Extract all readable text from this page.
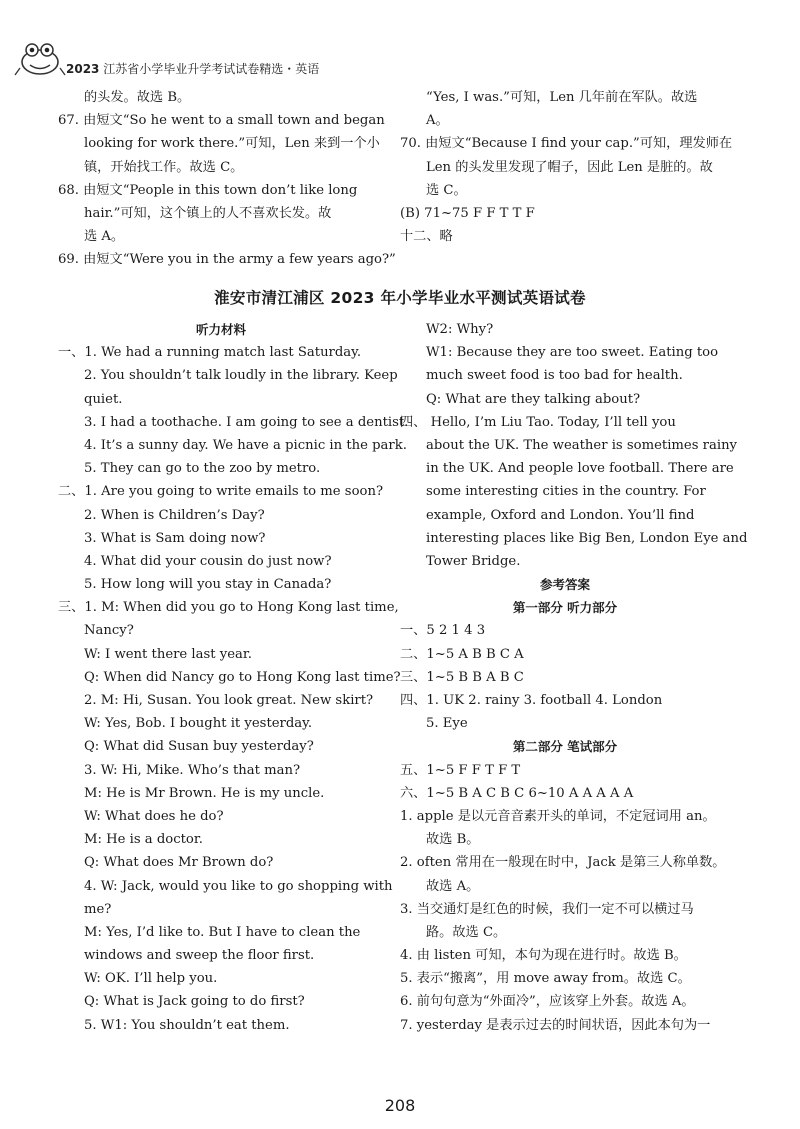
2023 江苏省小学毕业升学考试试卷精选・英语
的头发。故选 B。
67. 由短文“So he went to a small town and began
looking for work there.”可知，Len 来到一个小
镇，开始找工作。故选 C。
68. 由短文“People in this town don’t like long
hair.”可知，这个镇上的人不喜欢长发。故
选 A。
69. 由短文“Were you in the army a few years ago?”
“Yes, I was.”可知，Len 几年前在军队。故选
A。
70. 由短文“Because I find your cap.”可知，理发师在
Len 的头发里发现了帽子，因此 Len 是脏的。故
选 C。
(B) 71~75 F F T T F
十二、略
淮安市清江浦区 2023 年小学毕业水平测试英语试卷
听力材料
一、1. We had a running match last Saturday.
2. You shouldn’t talk loudly in the library. Keep
quiet.
3. I had a toothache. I am going to see a dentist.
4. It’s a sunny day. We have a picnic in the park.
5. They can go to the zoo by metro.
二、1. Are you going to write emails to me soon?
2. When is Children’s Day?
3. What is Sam doing now?
4. What did your cousin do just now?
5. How long will you stay in Canada?
三、1. M: When did you go to Hong Kong last time,
Nancy?
W: I went there last year.
Q: When did Nancy go to Hong Kong last time?
2. M: Hi, Susan. You look great. New skirt?
W: Yes, Bob. I bought it yesterday.
Q: What did Susan buy yesterday?
3. W: Hi, Mike. Who’s that man?
M: He is Mr Brown. He is my uncle.
W: What does he do?
M: He is a doctor.
Q: What does Mr Brown do?
4. W: Jack, would you like to go shopping with
me?
M: Yes, I’d like to. But I have to clean the
windows and sweep the floor first.
W: OK. I’ll help you.
Q: What is Jack going to do first?
5. W1: You shouldn’t eat them.
W2: Why?
W1: Because they are too sweet. Eating too
much sweet food is too bad for health.
Q: What are they talking about?
四、 Hello, I’m Liu Tao. Today, I’ll tell you
about the UK. The weather is sometimes rainy
in the UK. And people love football. There are
some interesting cities in the country. For
example, Oxford and London. You’ll find
interesting places like Big Ben, London Eye and
Tower Bridge.
参考答案
第一部分 听力部分
一、5 2 1 4 3
二、1~5 A B B C A
三、1~5 B B A B C
四、1. UK 2. rainy 3. football 4. London
5. Eye
第二部分 笔试部分
五、1~5 F F T F T
六、1~5 B A C B C 6~10 A A A A A
1. apple 是以元音音素开头的单词，不定冠词用 an。
故选 B。
2. often 常用在一般现在时中，Jack 是第三人称单数。
故选 A。
3. 当交通灯是红色的时候，我们一定不可以横过马
路。故选 C。
4. 由 listen 可知，本句为现在进行时。故选 B。
5. 表示“搬离”，用 move away from。故选 C。
6. 前句句意为“外面冷”，应该穿上外套。故选 A。
7. yesterday 是表示过去的时间状语，因此本句为一
208
